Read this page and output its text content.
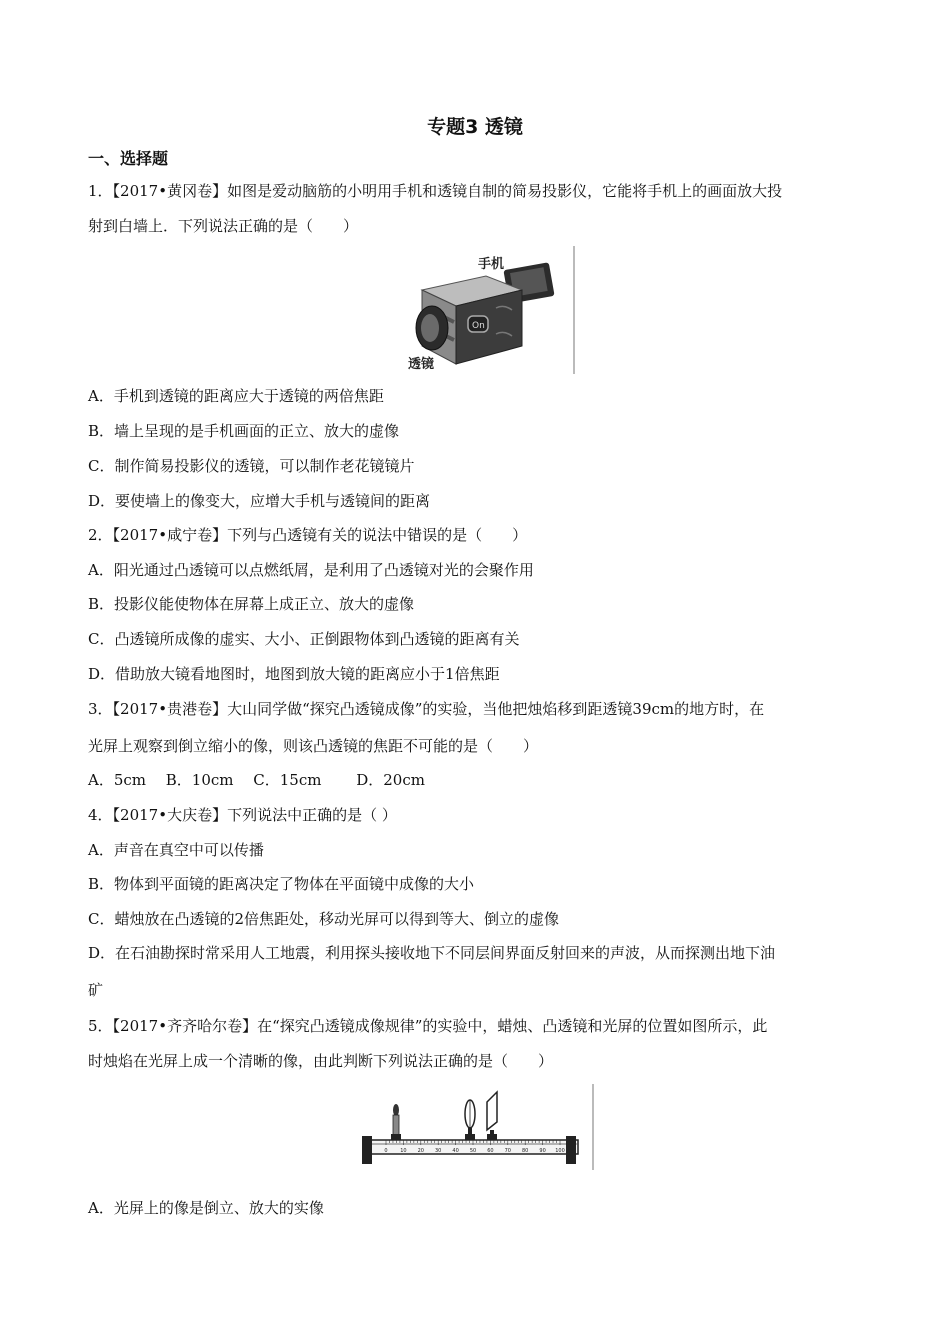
专题3 透镜
一、选择题
1．【2017•黄冈卷】如图是爱动脑筋的小明用手机和透镜自制的简易投影仪，它能将手机上的画面放大投
射到白墙上．下列说法正确的是（　　）
On
手机
透镜
A．手机到透镜的距离应大于透镜的两倍焦距
B．墙上呈现的是手机画面的正立、放大的虚像
C．制作简易投影仪的透镜，可以制作老花镜镜片
D．要使墙上的像变大，应增大手机与透镜间的距离
2．【2017•咸宁卷】下列与凸透镜有关的说法中错误的是（　　）
A．阳光通过凸透镜可以点燃纸屑，是利用了凸透镜对光的会聚作用
B．投影仪能使物体在屏幕上成正立、放大的虚像
C．凸透镜所成像的虚实、大小、正倒跟物体到凸透镜的距离有关
D．借助放大镜看地图时，地图到放大镜的距离应小于1倍焦距
3．【2017•贵港卷】大山同学做“探究凸透镜成像”的实验，当他把烛焰移到距透镜39cm的地方时，在
光屏上观察到倒立缩小的像，则该凸透镜的焦距不可能的是（　　）
A．5cm　 B．10cm　 C．15cm　　 D．20cm
4．【2017•大庆卷】下列说法中正确的是（ ）
A．声音在真空中可以传播
B．物体到平面镜的距离决定了物体在平面镜中成像的大小
C．蜡烛放在凸透镜的2倍焦距处，移动光屏可以得到等大、倒立的虚像
D．在石油勘探时常采用人工地震，利用探头接收地下不同层间界面反射回来的声波，从而探测出地下油
矿
5．【2017•齐齐哈尔卷】在“探究凸透镜成像规律”的实验中，蜡烛、凸透镜和光屏的位置如图所示，此
时烛焰在光屏上成一个清晰的像，由此判断下列说法正确的是（　　）
0	10 20 30 40 50 60 70 80 90 100
A．光屏上的像是倒立、放大的实像
